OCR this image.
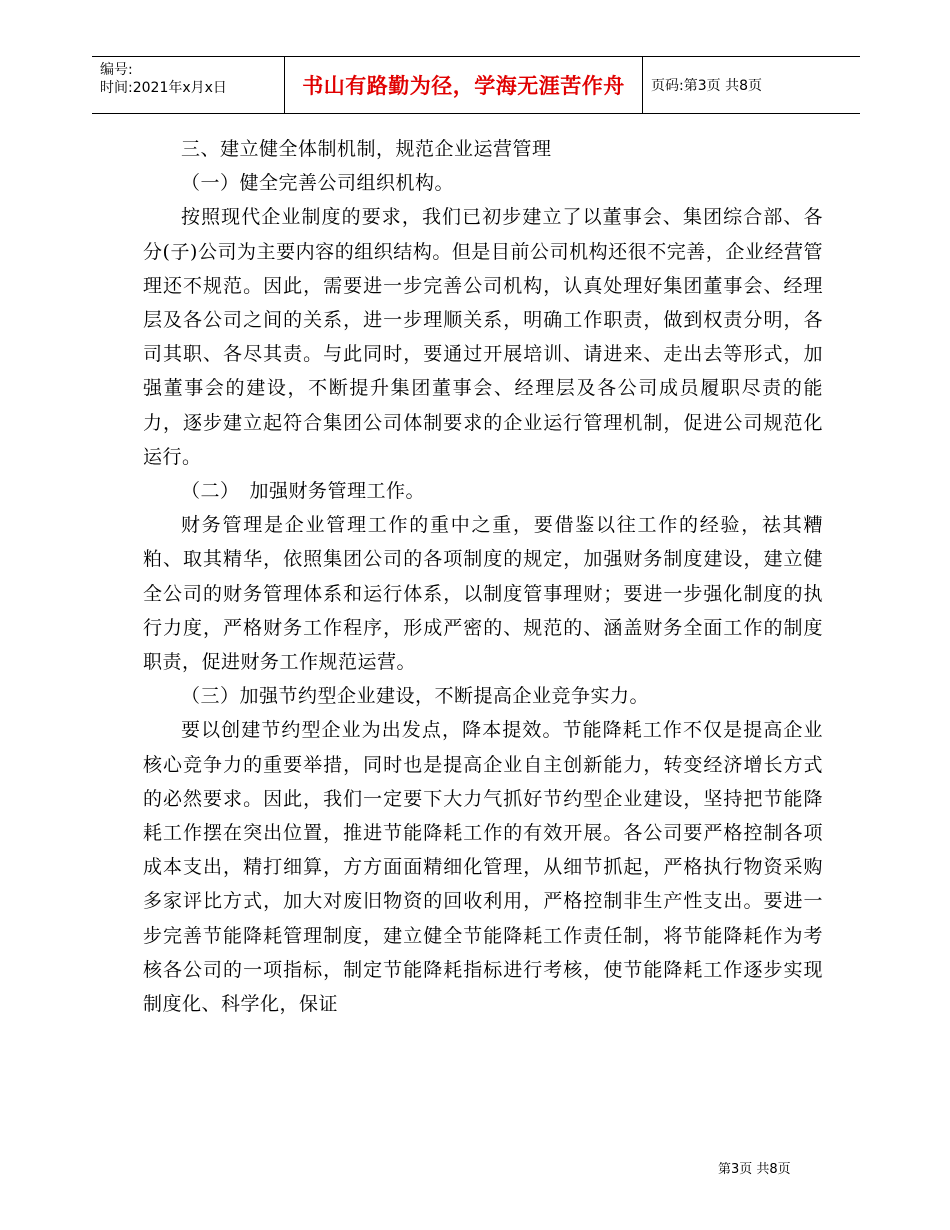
编号:
时间:2021年x月x日	书山有路勤为径，学海无涯苦作舟	页码:第3页 共8页

三、建立健全体制机制，规范企业运营管理

（一）健全完善公司组织机构。

按照现代企业制度的要求，我们已初步建立了以董事会、集团综合部、各分(子)公司为主要内容的组织结构。但是目前公司机构还很不完善，企业经营管理还不规范。因此，需要进一步完善公司机构，认真处理好集团董事会、经理层及各公司之间的关系，进一步理顺关系，明确工作职责，做到权责分明，各司其职、各尽其责。与此同时，要通过开展培训、请进来、走出去等形式，加强董事会的建设，不断提升集团董事会、经理层及各公司成员履职尽责的能力，逐步建立起符合集团公司体制要求的企业运行管理机制，促进公司规范化运行。

（二）　加强财务管理工作。

财务管理是企业管理工作的重中之重，要借鉴以往工作的经验，祛其糟粕、取其精华，依照集团公司的各项制度的规定，加强财务制度建设，建立健全公司的财务管理体系和运行体系，以制度管事理财；要进一步强化制度的执行力度，严格财务工作程序，形成严密的、规范的、涵盖财务全面工作的制度职责，促进财务工作规范运营。

（三）加强节约型企业建设，不断提高企业竞争实力。

要以创建节约型企业为出发点，降本提效。节能降耗工作不仅是提高企业核心竞争力的重要举措，同时也是提高企业自主创新能力，转变经济增长方式的必然要求。因此，我们一定要下大力气抓好节约型企业建设，坚持把节能降耗工作摆在突出位置，推进节能降耗工作的有效开展。各公司要严格控制各项成本支出，精打细算，方方面面精细化管理，从细节抓起，严格执行物资采购多家评比方式，加大对废旧物资的回收利用，严格控制非生产性支出。要进一步完善节能降耗管理制度，建立健全节能降耗工作责任制，将节能降耗作为考核各公司的一项指标，制定节能降耗指标进行考核，使节能降耗工作逐步实现制度化、科学化，保证

第3页 共8页
